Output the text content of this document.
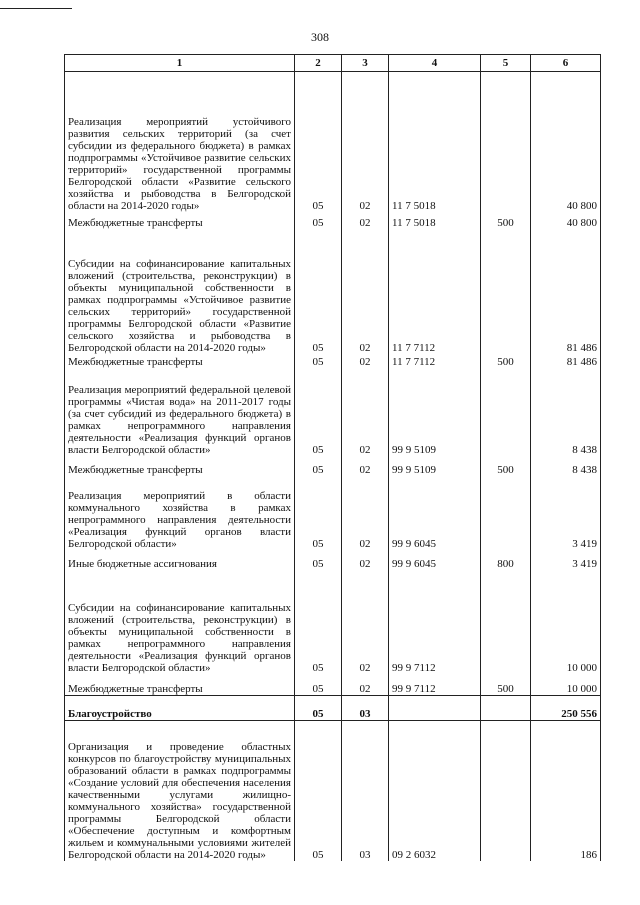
308
1	2	3	4	5	6
Реализация мероприятий устойчивого развития сельских территорий (за счет субсидии из федерального бюджета) в рамках подпрограммы «Устойчивое развитие сельских территорий» государственной программы Белгородской области «Развитие сельского хозяйства и рыбоводства в Белгородской области на 2014-2020 годы»	05	02	11 7 5018		40 800
Межбюджетные трансферты	05	02	11 7 5018	500	40 800
Субсидии на софинансирование капитальных вложений (строительства, реконструкции) в объекты муниципальной собственности в рамках подпрограммы «Устойчивое развитие сельских территорий» государственной программы Белгородской области «Развитие сельского хозяйства и рыбоводства в Белгородской области на 2014-2020 годы»	05	02	11 7 7112		81 486
Межбюджетные трансферты	05	02	11 7 7112	500	81 486
Реализация мероприятий федеральной целевой программы «Чистая вода» на 2011-2017 годы (за счет субсидий из федерального бюджета) в рамках непрограммного направления деятельности «Реализация функций органов власти Белгородской области»	05	02	99 9 5109		8 438
Межбюджетные трансферты	05	02	99 9 5109	500	8 438
Реализация мероприятий в области коммунального хозяйства в рамках непрограммного направления деятельности «Реализация функций органов власти Белгородской области»	05	02	99 9 6045		3 419
Иные бюджетные ассигнования	05	02	99 9 6045	800	3 419
Субсидии на софинансирование капитальных вложений (строительства, реконструкции) в объекты муниципальной собственности в рамках непрограммного направления деятельности «Реализация функций органов власти Белгородской области»	05	02	99 9 7112		10 000
Межбюджетные трансферты	05	02	99 9 7112	500	10 000
Благоустройство	05	03			250 556
Организация и проведение областных конкурсов по благоустройству муниципальных образований области в рамках подпрограммы «Создание условий для обеспечения населения качественными услугами жилищно-коммунального хозяйства» государственной программы Белгородской области «Обеспечение доступным и комфортным жильем и коммунальными условиями жителей Белгородской области на 2014-2020 годы»	05	03	09 2 6032		186
